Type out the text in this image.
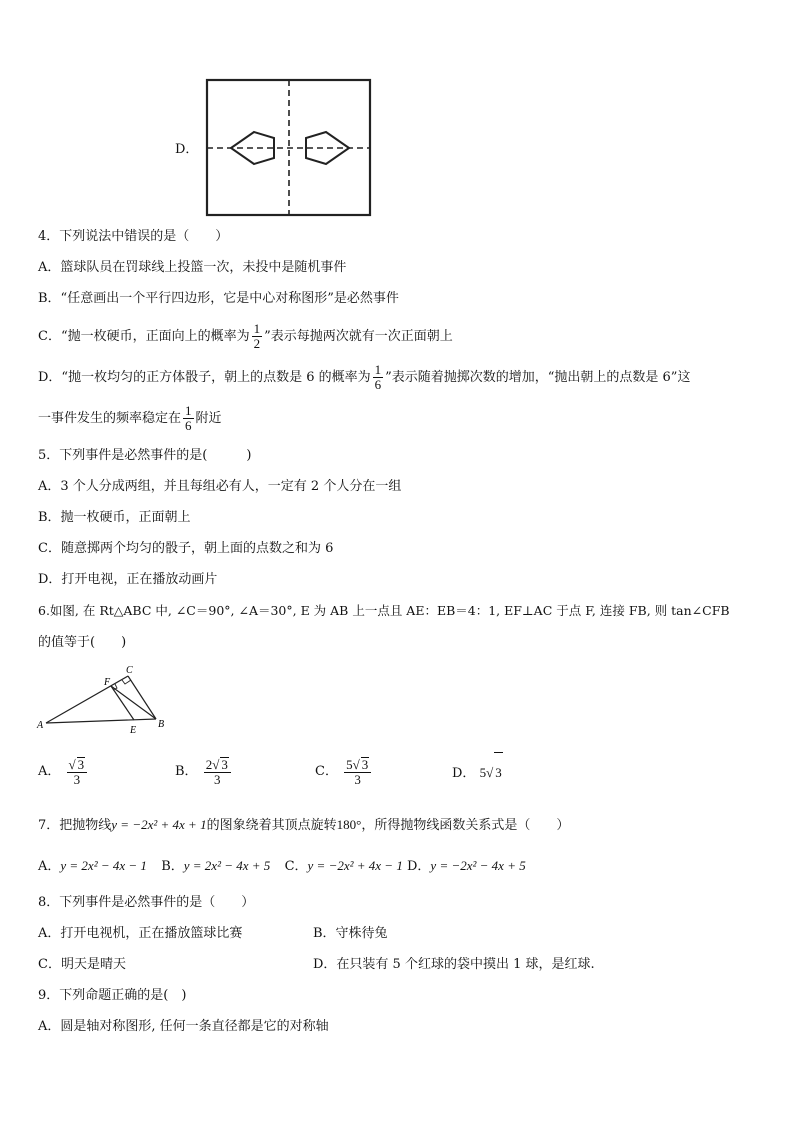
D．
4．下列说法中错误的是（　　）
A．篮球队员在罚球线上投篮一次，未投中是随机事件
B．“任意画出一个平行四边形，它是中心对称图形”是必然事件
C．“抛一枚硬币，正面向上的概率为 $\frac{1}{2}$ ”表示每抛两次就有一次正面朝上
D．“抛一枚均匀的正方体骰子，朝上的点数是 6 的概率为 $\frac{1}{6}$ ”表示随着抛掷次数的增加，“抛出朝上的点数是 6”这
一事件发生的频率稳定在 $\frac{1}{6}$ 附近
5．下列事件是必然事件的是(　　　)
A．3 个人分成两组，并且每组必有人，一定有 2 个人分在一组
B．抛一枚硬币，正面朝上
C．随意掷两个均匀的骰子，朝上面的点数之和为 6
D．打开电视，正在播放动画片
6.如图, 在 Rt△ABC 中, ∠C＝90°, ∠A＝30°, E 为 AB 上一点且 AE：EB＝4：1, EF⊥AC 于点 F, 连接 FB, 则 tan∠CFB
的值等于(　　)
A	B
C
E
F
A． $\frac{√ 3}{3}$	B． $\frac{2√ 3}{3}$	C． $\frac{5√ 3}{3}$	D． 5√ 3
7．把抛物线y = −2x² + 4x + 1的图象绕着其顶点旋转180°，所得抛物线函数关系式是（　　）
A．y = 2x² − 4x − 1 B．y = 2x² − 4x + 5 C．y = −2x² + 4x − 1 D．y = −2x² − 4x + 5
8．下列事件是必然事件的是（　　）
A．打开电视机，正在播放篮球比赛	B．守株待兔
C．明天是晴天	D．在只装有 5 个红球的袋中摸出 1 球，是红球.
9．下列命题正确的是(　)
A．圆是轴对称图形, 任何一条直径都是它的对称轴
